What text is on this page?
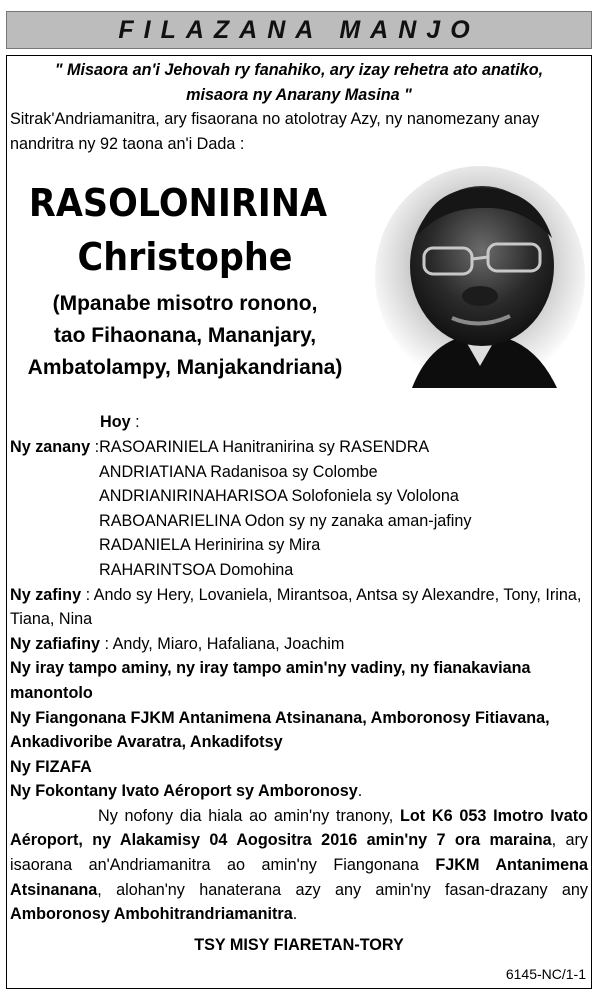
FILAZANA MANJO
" Misaora an'i Jehovah ry fanahiko, ary izay rehetra ato anatiko,
misaora ny Anarany Masina "

Sitrak'Andriamanitra, ary fisaorana no atolotray Azy, ny nanomezany anay nandritra ny 92 taona an'i Dada :

RASOLONIRINA
Christophe
(Mpanabe misotro ronono,
tao Fihaonana, Mananjary,
Ambatolampy, Manjakandriana)
Hoy :
Ny zanany :RASOARINIELA Hanitranirina sy RASENDRA
ANDRIATIANA Radanisoa sy Colombe
ANDRIANIRINAHARISOA Solofoniela sy Vololona
RABOANARIELINA Odon sy ny zanaka aman-jafiny
RADANIELA Herinirina sy Mira
RAHARINTSOA Domohina
Ny zafiny : Ando sy Hery, Lovaniela, Mirantsoa, Antsa sy Alexandre, Tony, Irina, Tiana, Nina
Ny zafiafiny : Andy, Miaro, Hafaliana, Joachim
Ny iray tampo aminy, ny iray tampo amin'ny vadiny, ny fianakaviana manontolo
Ny Fiangonana FJKM Antanimena Atsinanana, Amboronosy Fitiavana, Ankadivoribe Avaratra, Ankadifotsy
Ny FIZAFA
Ny Fokontany Ivato Aéroport sy Amboronosy.
Ny nofony dia hiala ao amin'ny tranony, Lot K6 053 Imotro Ivato Aéroport, ny Alakamisy 04 Aogositra 2016 amin'ny 7 ora maraina, ary isaorana an'Andriamanitra ao amin'ny Fiangonana FJKM Antanimena Atsinanana, alohan'ny hanaterana azy any amin'ny fasan-drazany any Amboronosy Ambohitrandriamanitra.
TSY MISY FIARETAN-TORY
6145-NC/1-1
